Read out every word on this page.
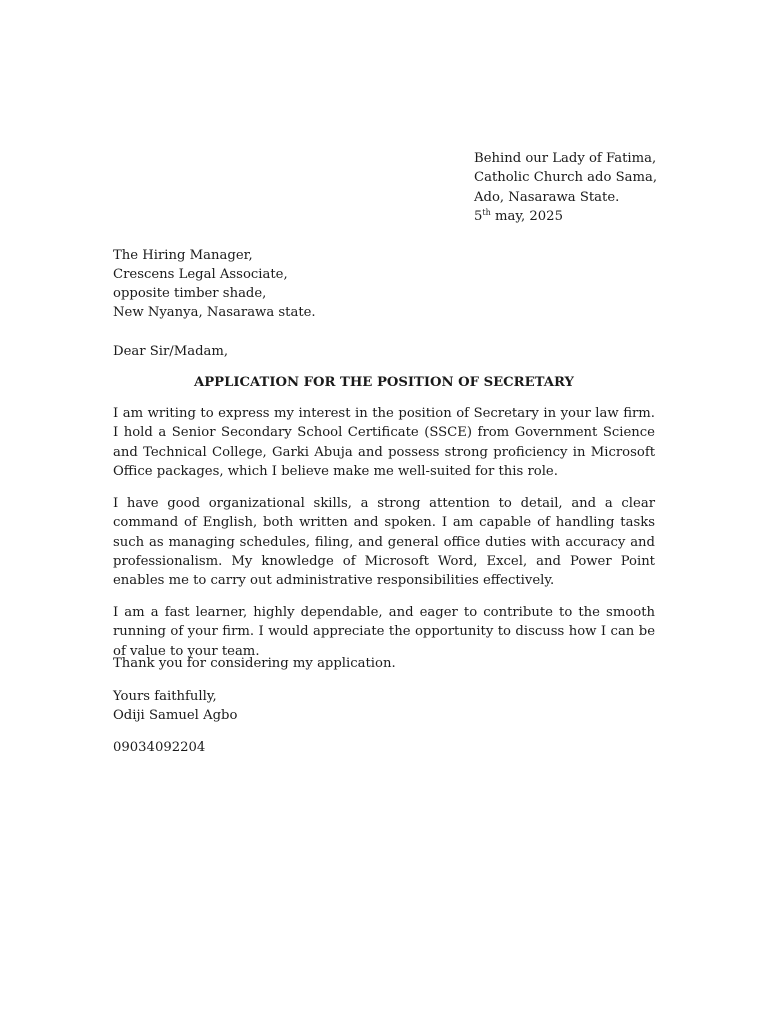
Behind our Lady of Fatima,
Catholic Church ado Sama,
Ado, Nasarawa State.
5th may, 2025
The Hiring Manager,
Crescens Legal Associate,
opposite timber shade,
New Nyanya, Nasarawa state.
Dear Sir/Madam,
APPLICATION FOR THE POSITION OF SECRETARY
I am writing to express my interest in the position of Secretary in your law firm. I hold a Senior Secondary School Certificate (SSCE) from Government Science and Technical College, Garki Abuja and possess strong proficiency in Microsoft Office packages, which I believe make me well-suited for this role.
I have good organizational skills, a strong attention to detail, and a clear command of English, both written and spoken. I am capable of handling tasks such as managing schedules, filing, and general office duties with accuracy and professionalism. My knowledge of Microsoft Word, Excel, and Power Point enables me to carry out administrative responsibilities effectively.
I am a fast learner, highly dependable, and eager to contribute to the smooth running of your firm. I would appreciate the opportunity to discuss how I can be of value to your team.
Thank you for considering my application.
Yours faithfully,
Odiji Samuel Agbo
09034092204
